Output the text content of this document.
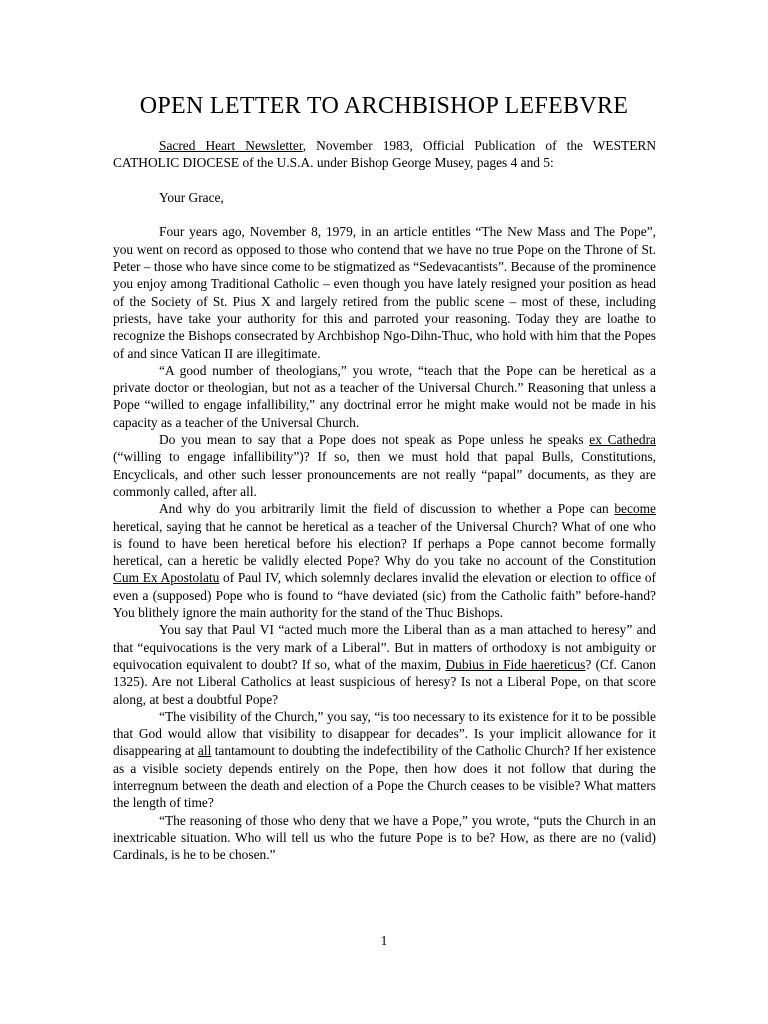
OPEN LETTER TO ARCHBISHOP LEFEBVRE

Sacred Heart Newsletter, November 1983, Official Publication of the WESTERN CATHOLIC DIOCESE of the U.S.A. under Bishop George Musey, pages 4 and 5:

Your Grace,

Four years ago, November 8, 1979, in an article entitles “The New Mass and The Pope”, you went on record as opposed to those who contend that we have no true Pope on the Throne of St. Peter – those who have since come to be stigmatized as “Sedevacantists”. Because of the prominence you enjoy among Traditional Catholic – even though you have lately resigned your position as head of the Society of St. Pius X and largely retired from the public scene – most of these, including priests, have take your authority for this and parroted your reasoning. Today they are loathe to recognize the Bishops consecrated by Archbishop Ngo-Dihn-Thuc, who hold with him that the Popes of and since Vatican II are illegitimate.

“A good number of theologians,” you wrote, “teach that the Pope can be heretical as a private doctor or theologian, but not as a teacher of the Universal Church.” Reasoning that unless a Pope “willed to engage infallibility,” any doctrinal error he might make would not be made in his capacity as a teacher of the Universal Church.

Do you mean to say that a Pope does not speak as Pope unless he speaks ex Cathedra (“willing to engage infallibility”)? If so, then we must hold that papal Bulls, Constitutions, Encyclicals, and other such lesser pronouncements are not really “papal” documents, as they are commonly called, after all.

And why do you arbitrarily limit the field of discussion to whether a Pope can become heretical, saying that he cannot be heretical as a teacher of the Universal Church? What of one who is found to have been heretical before his election? If perhaps a Pope cannot become formally heretical, can a heretic be validly elected Pope? Why do you take no account of the Constitution Cum Ex Apostolatu of Paul IV, which solemnly declares invalid the elevation or election to office of even a (supposed) Pope who is found to “have deviated (sic) from the Catholic faith” before-hand? You blithely ignore the main authority for the stand of the Thuc Bishops.

You say that Paul VI “acted much more the Liberal than as a man attached to heresy” and that “equivocations is the very mark of a Liberal”. But in matters of orthodoxy is not ambiguity or equivocation equivalent to doubt? If so, what of the maxim, Dubius in Fide haereticus? (Cf. Canon 1325). Are not Liberal Catholics at least suspicious of heresy? Is not a Liberal Pope, on that score along, at best a doubtful Pope?

“The visibility of the Church,” you say, “is too necessary to its existence for it to be possible that God would allow that visibility to disappear for decades”. Is your implicit allowance for it disappearing at all tantamount to doubting the indefectibility of the Catholic Church? If her existence as a visible society depends entirely on the Pope, then how does it not follow that during the interregnum between the death and election of a Pope the Church ceases to be visible? What matters the length of time?

“The reasoning of those who deny that we have a Pope,” you wrote, “puts the Church in an inextricable situation. Who will tell us who the future Pope is to be? How, as there are no (valid) Cardinals, is he to be chosen.”

1
